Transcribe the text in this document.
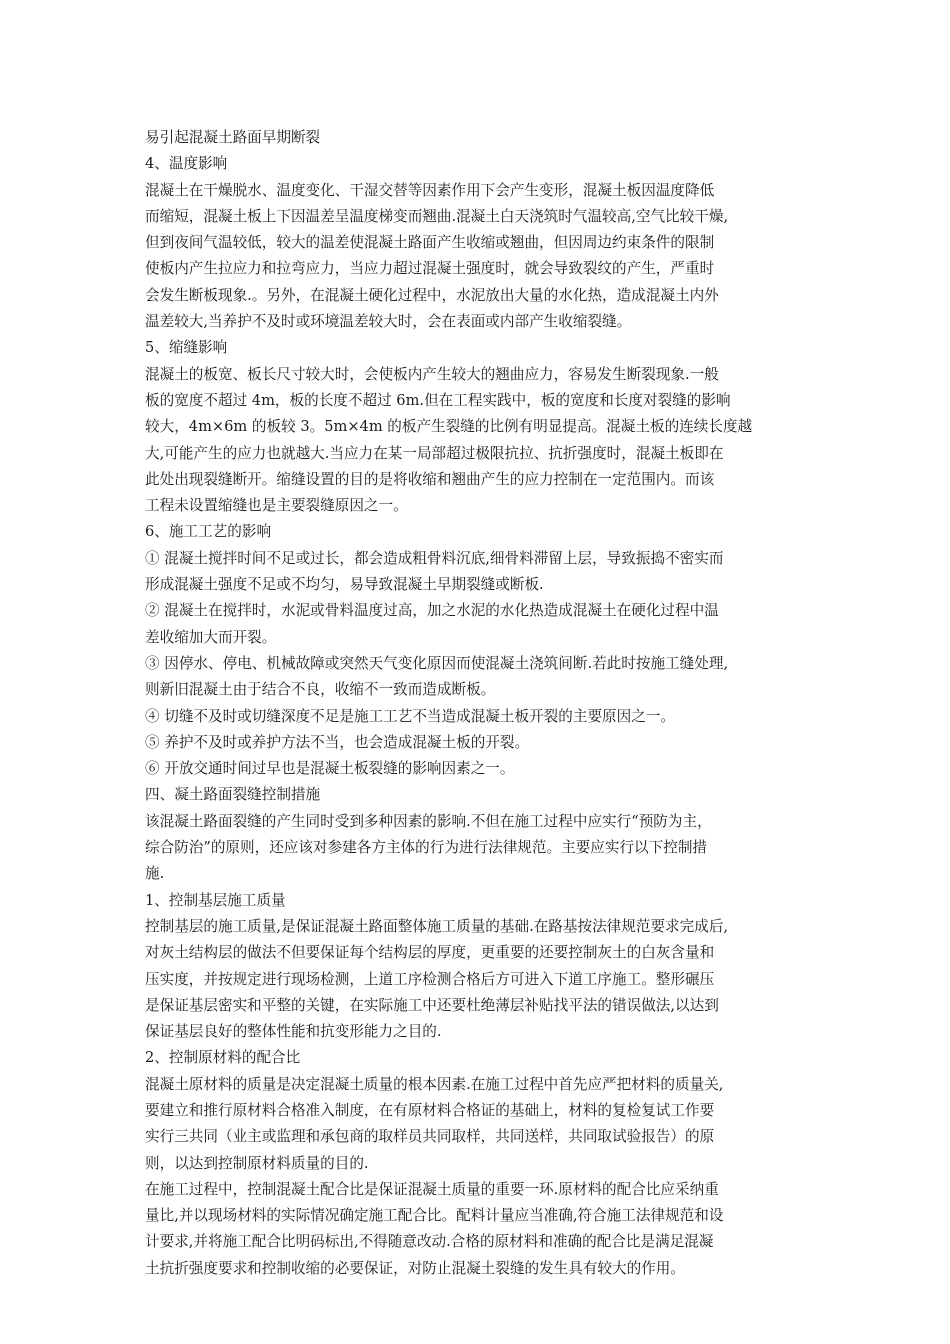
易引起混凝土路面早期断裂
4、温度影响
混凝土在干燥脱水、温度变化、干湿交替等因素作用下会产生变形，混凝土板因温度降低
而缩短，混凝土板上下因温差呈温度梯变而翘曲.混凝土白天浇筑时气温较高,空气比较干燥,
但到夜间气温较低，较大的温差使混凝土路面产生收缩或翘曲，但因周边约束条件的限制
使板内产生拉应力和拉弯应力，当应力超过混凝土强度时，就会导致裂纹的产生，严重时
会发生断板现象.。另外，在混凝土硬化过程中，水泥放出大量的水化热，造成混凝土内外
温差较大,当养护不及时或环境温差较大时，会在表面或内部产生收缩裂缝。
5、缩缝影响
混凝土的板宽、板长尺寸较大时，会使板内产生较大的翘曲应力，容易发生断裂现象.一般
板的宽度不超过 4m，板的长度不超过 6m.但在工程实践中，板的宽度和长度对裂缝的影响
较大，4m×6m 的板较 3。5m×4m 的板产生裂缝的比例有明显提高。混凝土板的连续长度越
大,可能产生的应力也就越大.当应力在某一局部超过极限抗拉、抗折强度时，混凝土板即在
此处出现裂缝断开。缩缝设置的目的是将收缩和翘曲产生的应力控制在一定范围内。而该
工程未设置缩缝也是主要裂缝原因之一。
6、施工工艺的影响
① 混凝土搅拌时间不足或过长，都会造成粗骨料沉底,细骨料滞留上层，导致振捣不密实而
形成混凝土强度不足或不均匀，易导致混凝土早期裂缝或断板.
② 混凝土在搅拌时，水泥或骨料温度过高，加之水泥的水化热造成混凝土在硬化过程中温
差收缩加大而开裂。
③ 因停水、停电、机械故障或突然天气变化原因而使混凝土浇筑间断.若此时按施工缝处理,
则新旧混凝土由于结合不良，收缩不一致而造成断板。
④ 切缝不及时或切缝深度不足是施工工艺不当造成混凝土板开裂的主要原因之一。
⑤ 养护不及时或养护方法不当，也会造成混凝土板的开裂。
⑥ 开放交通时间过早也是混凝土板裂缝的影响因素之一。
四、凝土路面裂缝控制措施
该混凝土路面裂缝的产生同时受到多种因素的影响.不但在施工过程中应实行“预防为主，
综合防治”的原则，还应该对参建各方主体的行为进行法律规范。主要应实行以下控制措
施.
1、控制基层施工质量
控制基层的施工质量,是保证混凝土路面整体施工质量的基础.在路基按法律规范要求完成后,
对灰土结构层的做法不但要保证每个结构层的厚度，更重要的还要控制灰土的白灰含量和
压实度，并按规定进行现场检测，上道工序检测合格后方可进入下道工序施工。整形碾压
是保证基层密实和平整的关键，在实际施工中还要杜绝薄层补贴找平法的错误做法,以达到
保证基层良好的整体性能和抗变形能力之目的.
2、控制原材料的配合比
混凝土原材料的质量是决定混凝土质量的根本因素.在施工过程中首先应严把材料的质量关,
要建立和推行原材料合格准入制度，在有原材料合格证的基础上，材料的复检复试工作要
实行三共同（业主或监理和承包商的取样员共同取样，共同送样，共同取试验报告）的原
则，以达到控制原材料质量的目的.
在施工过程中，控制混凝土配合比是保证混凝土质量的重要一环.原材料的配合比应采纳重
量比,并以现场材料的实际情况确定施工配合比。配料计量应当准确,符合施工法律规范和设
计要求,并将施工配合比明码标出,不得随意改动.合格的原材料和准确的配合比是满足混凝
土抗折强度要求和控制收缩的必要保证，对防止混凝土裂缝的发生具有较大的作用。
